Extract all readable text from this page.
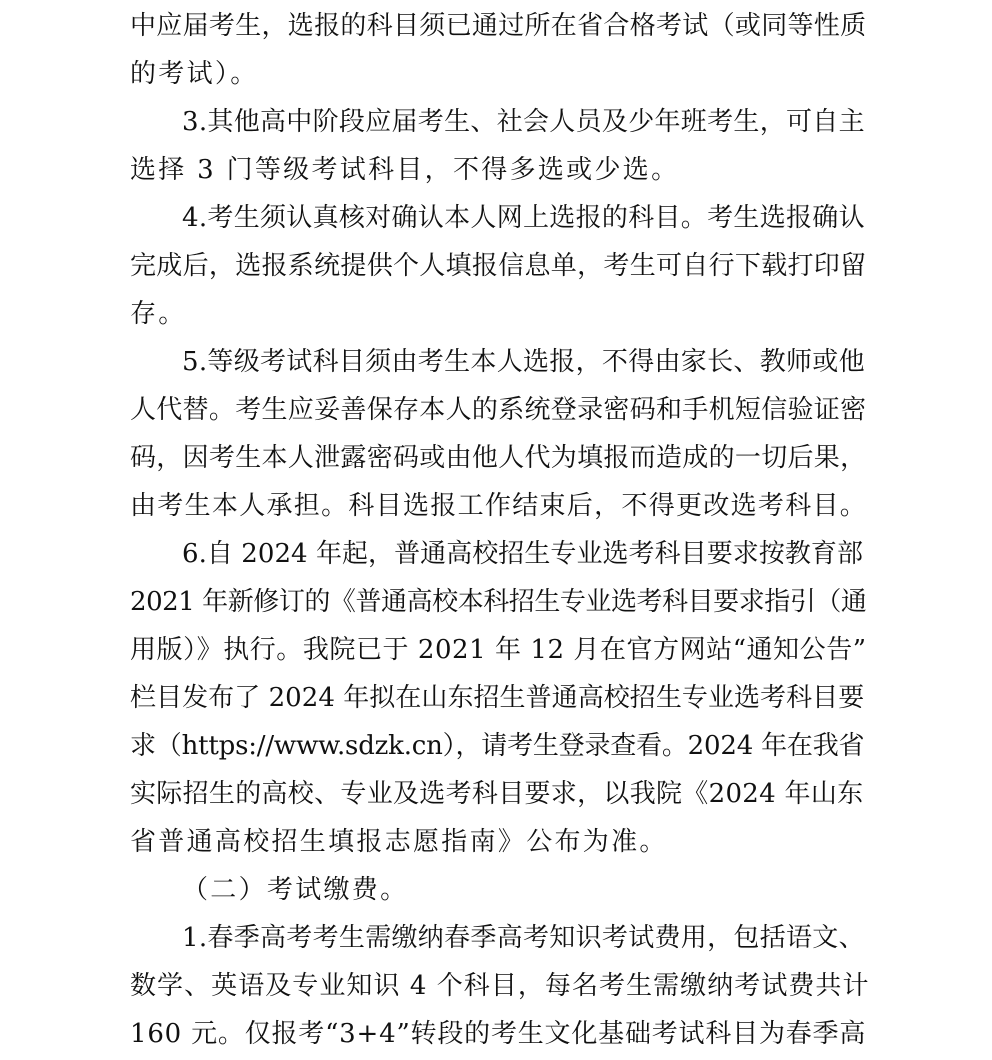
中应届考生，选报的科目须已通过所在省合格考试（或同等性质
的考试）。
3.其他高中阶段应届考生、社会人员及少年班考生，可自主
选择 3 门等级考试科目，不得多选或少选。
4.考生须认真核对确认本人网上选报的科目。考生选报确认
完成后，选报系统提供个人填报信息单，考生可自行下载打印留
存。
5.等级考试科目须由考生本人选报，不得由家长、教师或他
人代替。考生应妥善保存本人的系统登录密码和手机短信验证密
码，因考生本人泄露密码或由他人代为填报而造成的一切后果，
由考生本人承担。科目选报工作结束后，不得更改选考科目。
6.自 2024 年起，普通高校招生专业选考科目要求按教育部
2021 年新修订的《普通高校本科招生专业选考科目要求指引（通
用版）》执行。我院已于 2021 年 12 月在官方网站“通知公告”
栏目发布了 2024 年拟在山东招生普通高校招生专业选考科目要
求（https://www.sdzk.cn），请考生登录查看。2024 年在我省
实际招生的高校、专业及选考科目要求，以我院《2024 年山东
省普通高校招生填报志愿指南》公布为准。
（二）考试缴费。
1.春季高考考生需缴纳春季高考知识考试费用，包括语文、
数学、英语及专业知识 4 个科目，每名考生需缴纳考试费共计
160 元。仅报考“3+4”转段的考生文化基础考试科目为春季高
